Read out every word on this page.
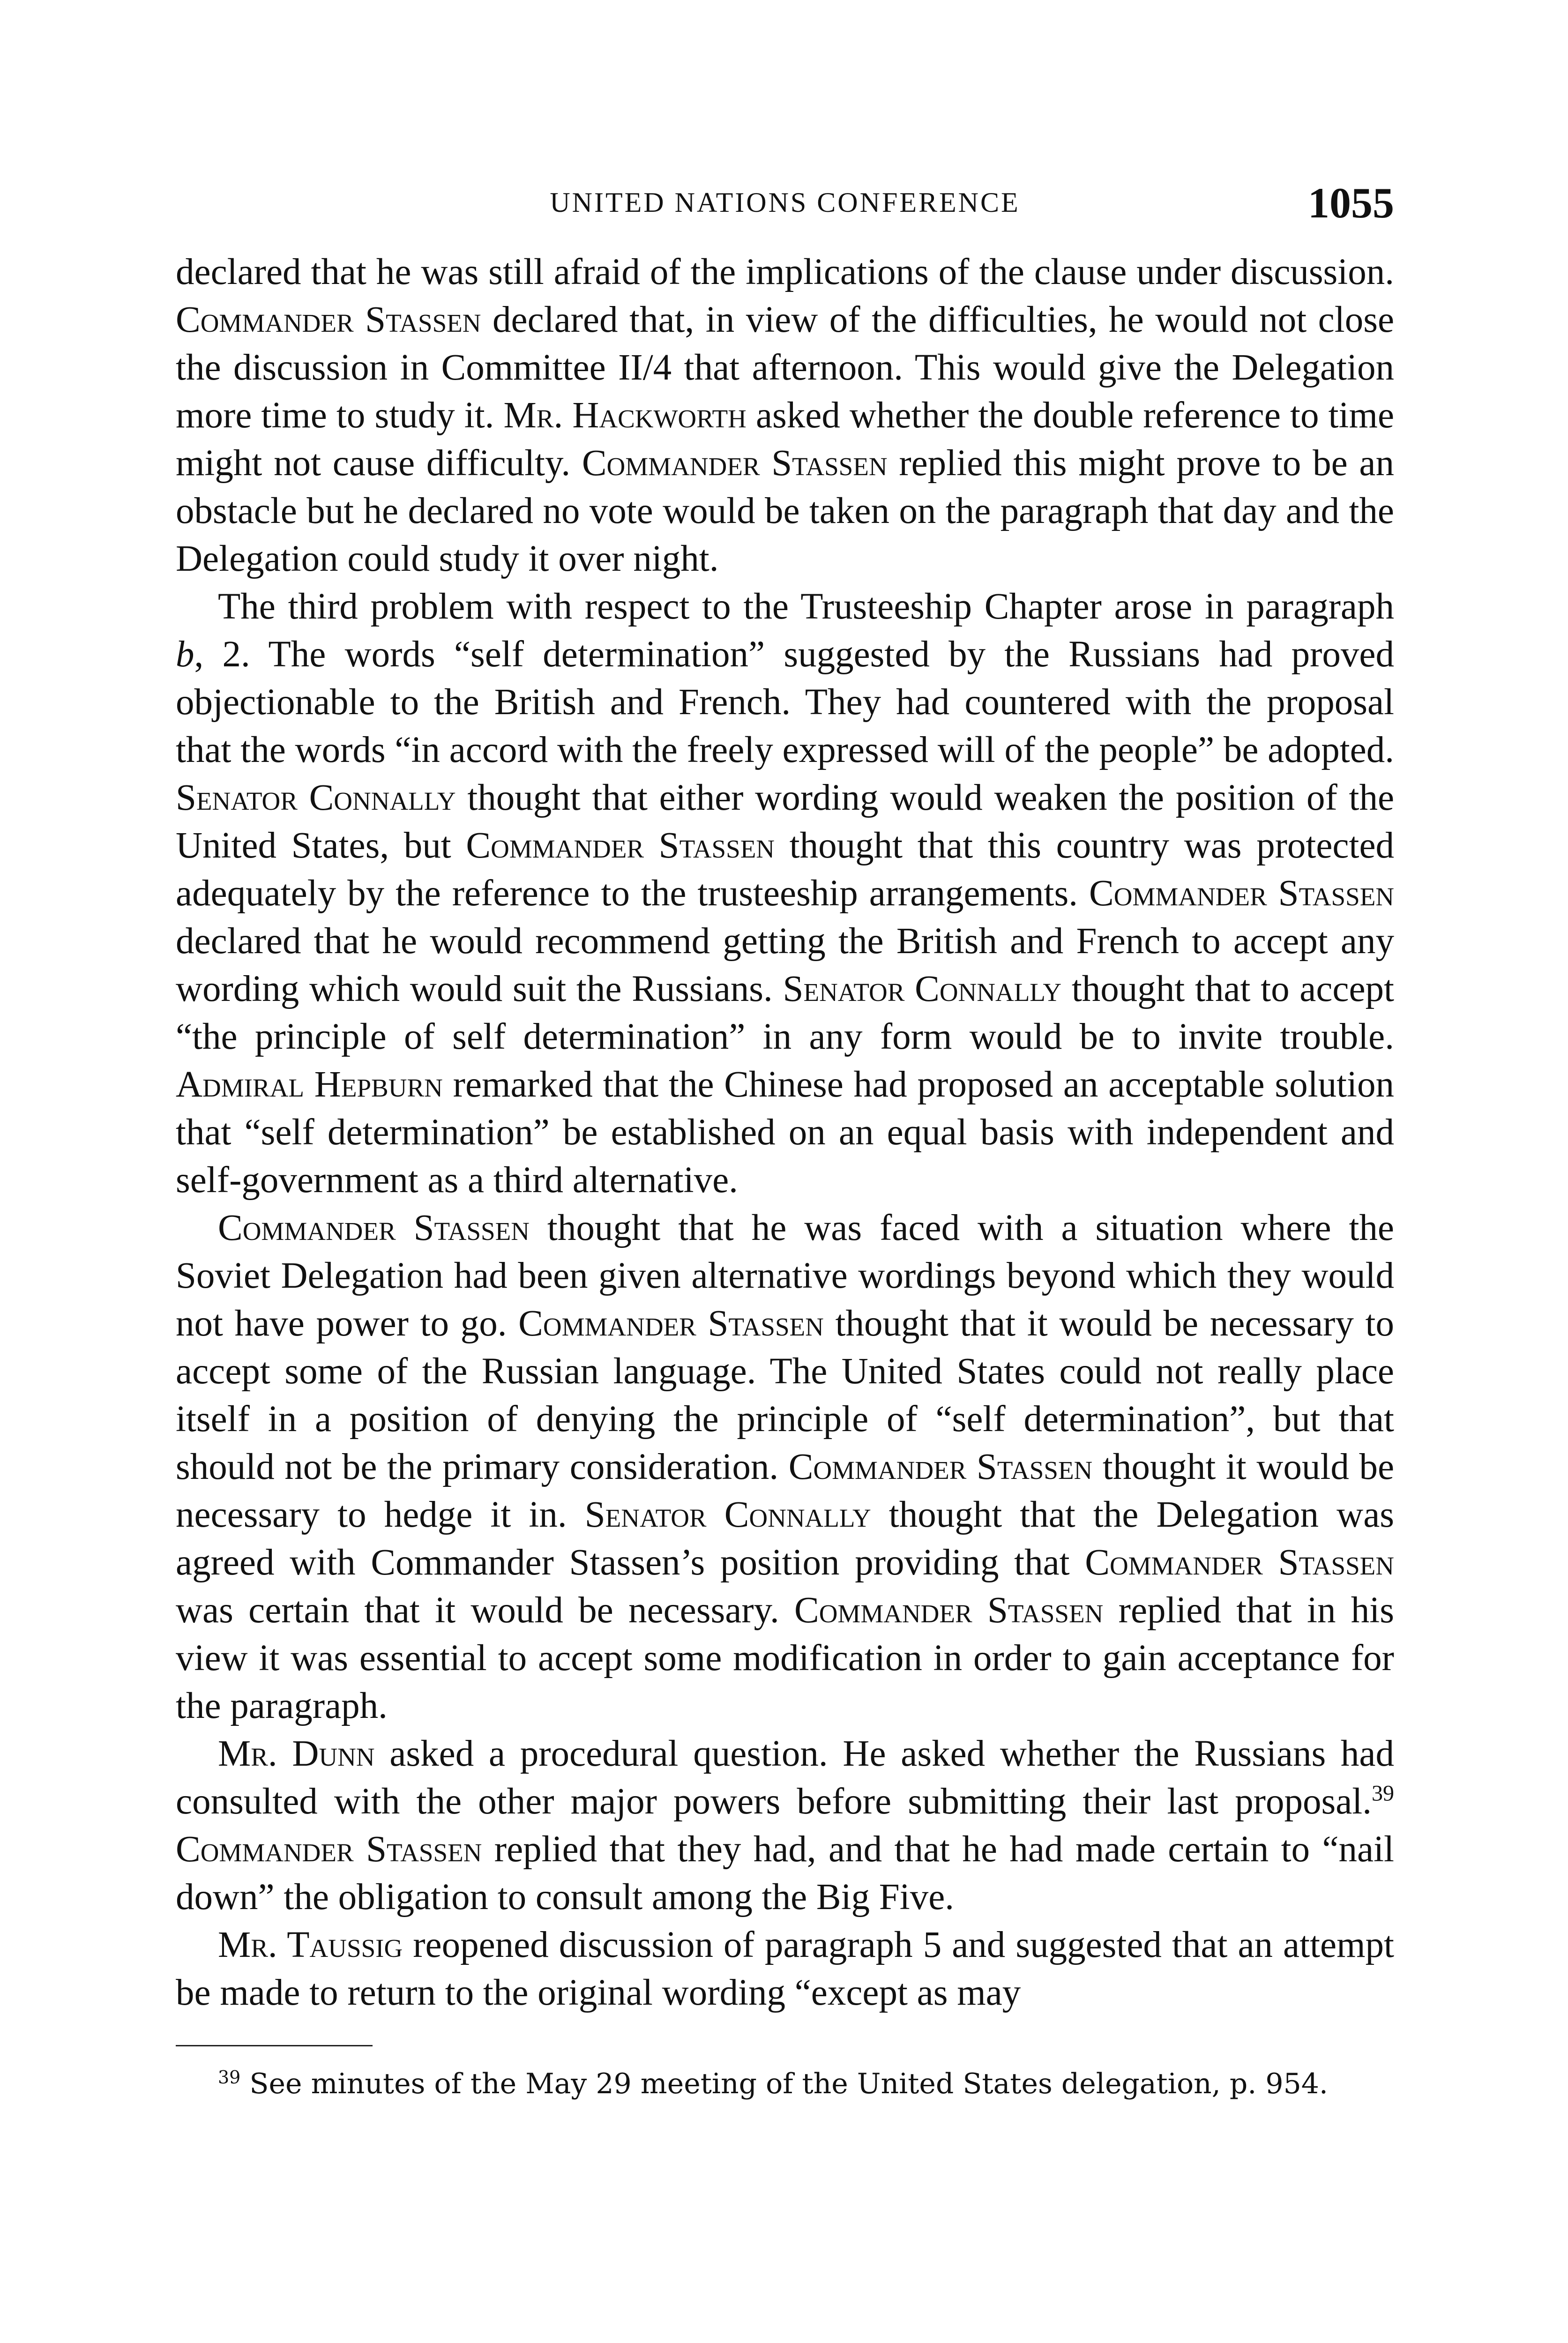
UNITED NATIONS CONFERENCE	1055

declared that he was still afraid of the implications of the clause under discussion. Commander Stassen declared that, in view of the difficulties, he would not close the discussion in Committee II/4 that afternoon. This would give the Delegation more time to study it. Mr. Hackworth asked whether the double reference to time might not cause difficulty. Commander Stassen replied this might prove to be an obstacle but he declared no vote would be taken on the paragraph that day and the Delegation could study it over night.

The third problem with respect to the Trusteeship Chapter arose in paragraph b, 2. The words “self determination” suggested by the Russians had proved objectionable to the British and French. They had countered with the proposal that the words “in accord with the freely expressed will of the people” be adopted. Senator Connally thought that either wording would weaken the position of the United States, but Commander Stassen thought that this country was protected adequately by the reference to the trusteeship arrangements. Commander Stassen declared that he would recommend getting the British and French to accept any wording which would suit the Russians. Senator Connally thought that to accept “the principle of self determination” in any form would be to invite trouble. Admiral Hepburn remarked that the Chinese had proposed an acceptable solution that “self determination” be established on an equal basis with independent and self-government as a third alternative.

Commander Stassen thought that he was faced with a situation where the Soviet Delegation had been given alternative wordings beyond which they would not have power to go. Commander Stassen thought that it would be necessary to accept some of the Russian language. The United States could not really place itself in a position of denying the principle of “self determination”, but that should not be the primary consideration. Commander Stassen thought it would be necessary to hedge it in. Senator Connally thought that the Delegation was agreed with Commander Stassen’s position providing that Commander Stassen was certain that it would be necessary. Commander Stassen replied that in his view it was essential to accept some modification in order to gain acceptance for the paragraph.

Mr. Dunn asked a procedural question. He asked whether the Russians had consulted with the other major powers before submitting their last proposal.$^{39}$ Commander Stassen replied that they had, and that he had made certain to “nail down” the obligation to consult among the Big Five.

Mr. Taussig reopened discussion of paragraph 5 and suggested that an attempt be made to return to the original wording “except as may

$^{39}$ See minutes of the May 29 meeting of the United States delegation, p. 954.
